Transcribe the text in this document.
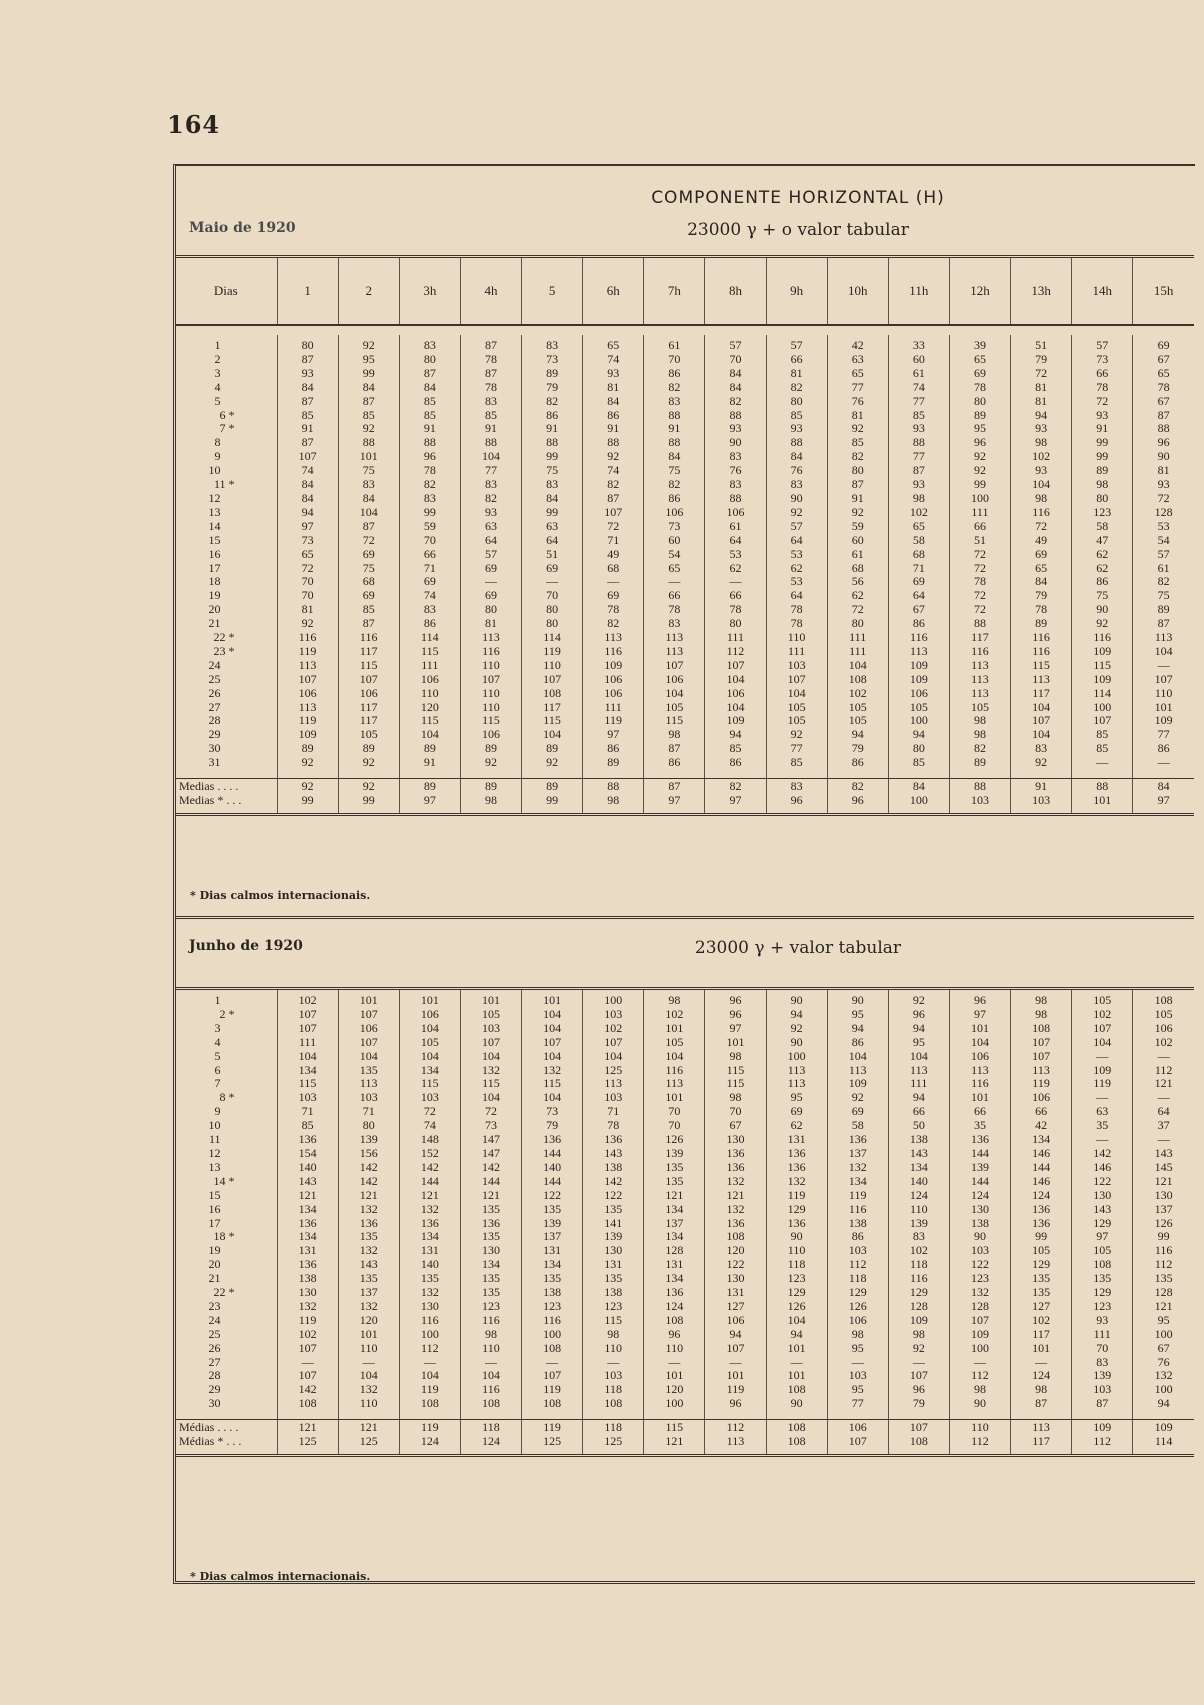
164
COMPONENTE HORIZONTAL (H)
Maio de 1920	23000 γ + o valor tabular
Dias	1	2	3h	4h	5	6h	7h	8h	9h	10h	11h	12h	13h	14h	15h
1	80	92	83	87	83	65	61	57	57	42	33	39	51	57	69
2	87	95	80	78	73	74	70	70	66	63	60	65	79	73	67
3	93	99	87	87	89	93	86	84	81	65	61	69	72	66	65
4	84	84	84	78	79	81	82	84	82	77	74	78	81	78	78
5	87	87	85	83	82	84	83	82	80	76	77	80	81	72	67
6 *	85	85	85	85	86	86	88	88	85	81	85	89	94	93	87
7 *	91	92	91	91	91	91	91	93	93	92	93	95	93	91	88
8	87	88	88	88	88	88	88	90	88	85	88	96	98	99	96
9	107	101	96	104	99	92	84	83	84	82	77	92	102	99	90
10	74	75	78	77	75	74	75	76	76	80	87	92	93	89	81
11 *	84	83	82	83	83	82	82	83	83	87	93	99	104	98	93
12	84	84	83	82	84	87	86	88	90	91	98	100	98	80	72
13	94	104	99	93	99	107	106	106	92	92	102	111	116	123	128
14	97	87	59	63	63	72	73	61	57	59	65	66	72	58	53
15	73	72	70	64	64	71	60	64	64	60	58	51	49	47	54
16	65	69	66	57	51	49	54	53	53	61	68	72	69	62	57
17	72	75	71	69	69	68	65	62	62	68	71	72	65	62	61
18	70	68	69	—	—	—	—	—	53	56	69	78	84	86	82
19	70	69	74	69	70	69	66	66	64	62	64	72	79	75	75
20	81	85	83	80	80	78	78	78	78	72	67	72	78	90	89
21	92	87	86	81	80	82	83	80	78	80	86	88	89	92	87
22 *	116	116	114	113	114	113	113	111	110	111	116	117	116	116	113
23 *	119	117	115	116	119	116	113	112	111	111	113	116	116	109	104
24	113	115	111	110	110	109	107	107	103	104	109	113	115	115	—
25	107	107	106	107	107	106	106	104	107	108	109	113	113	109	107
26	106	106	110	110	108	106	104	106	104	102	106	113	117	114	110
27	113	117	120	110	117	111	105	104	105	105	105	105	104	100	101
28	119	117	115	115	115	119	115	109	105	105	100	98	107	107	109
29	109	105	104	106	104	97	98	94	92	94	94	98	104	85	77
30	89	89	89	89	89	86	87	85	77	79	80	82	83	85	86
31	92	92	91	92	92	89	86	86	85	86	85	89	92	—	—

Medias . . . .	92	92	89	89	89	88	87	82	83	82	84	88	91	88	84
Medias * . . .	99	99	97	98	99	98	97	97	96	96	100	103	103	101	97

* Dias calmos internacionais.
Junho de 1920	23000 γ + valor tabular
1	102	101	101	101	101	100	98	96	90	90	92	96	98	105	108
2 *	107	107	106	105	104	103	102	96	94	95	96	97	98	102	105
3	107	106	104	103	104	102	101	97	92	94	94	101	108	107	106
4	111	107	105	107	107	107	105	101	90	86	95	104	107	104	102
5	104	104	104	104	104	104	104	98	100	104	104	106	107	—	—
6	134	135	134	132	132	125	116	115	113	113	113	113	113	109	112
7	115	113	115	115	115	113	113	115	113	109	111	116	119	119	121
8 *	103	103	103	104	104	103	101	98	95	92	94	101	106	—	—
9	71	71	72	72	73	71	70	70	69	69	66	66	66	63	64
10	85	80	74	73	79	78	70	67	62	58	50	35	42	35	37
11	136	139	148	147	136	136	126	130	131	136	138	136	134	—	—
12	154	156	152	147	144	143	139	136	136	137	143	144	146	142	143
13	140	142	142	142	140	138	135	136	136	132	134	139	144	146	145
14 *	143	142	144	144	144	142	135	132	132	134	140	144	146	122	121
15	121	121	121	121	122	122	121	121	119	119	124	124	124	130	130
16	134	132	132	135	135	135	134	132	129	116	110	130	136	143	137
17	136	136	136	136	139	141	137	136	136	138	139	138	136	129	126
18 *	134	135	134	135	137	139	134	108	90	86	83	90	99	97	99
19	131	132	131	130	131	130	128	120	110	103	102	103	105	105	116
20	136	143	140	134	134	131	131	122	118	112	118	122	129	108	112
21	138	135	135	135	135	135	134	130	123	118	116	123	135	135	135
22 *	130	137	132	135	138	138	136	131	129	129	129	132	135	129	128
23	132	132	130	123	123	123	124	127	126	126	128	128	127	123	121
24	119	120	116	116	116	115	108	106	104	106	109	107	102	93	95
25	102	101	100	98	100	98	96	94	94	98	98	109	117	111	100
26	107	110	112	110	108	110	110	107	101	95	92	100	101	70	67
27	—	—	—	—	—	—	—	—	—	—	—	—	—	83	76
28	107	104	104	104	107	103	101	101	101	103	107	112	124	139	132
29	142	132	119	116	119	118	120	119	108	95	96	98	98	103	100
30	108	110	108	108	108	108	100	96	90	77	79	90	87	87	94

Médias . . . .	121	121	119	118	119	118	115	112	108	106	107	110	113	109	109
Médias * . . .	125	125	124	124	125	125	121	113	108	107	108	112	117	112	114

* Dias calmos internacionais.
